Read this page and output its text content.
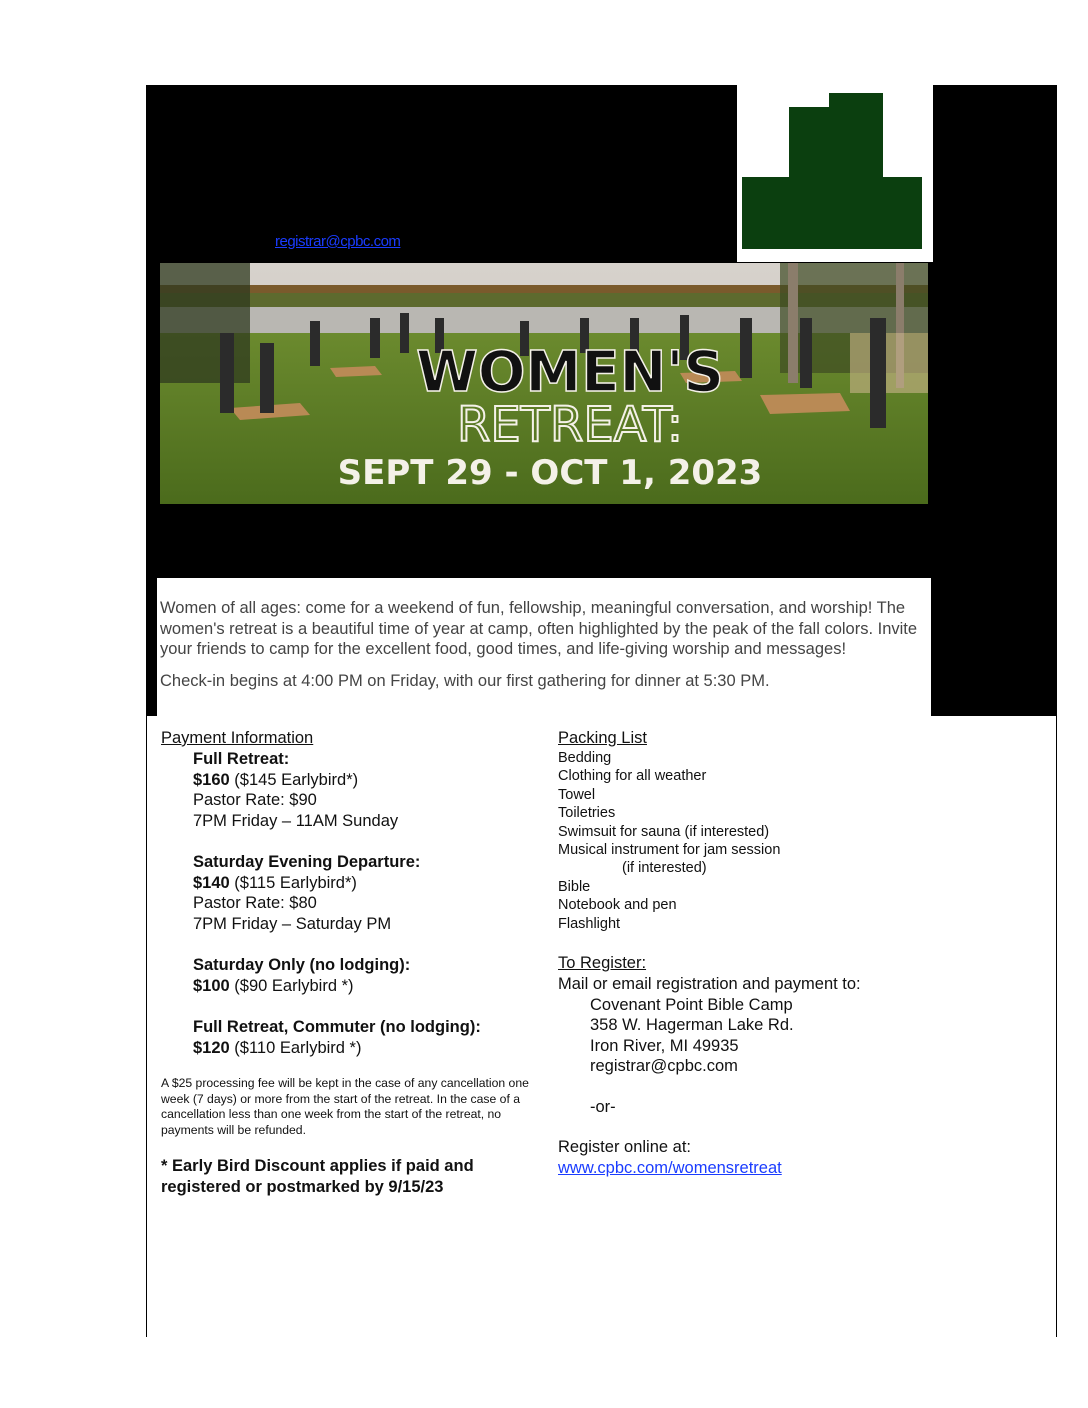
registrar@cpbc.com
WOMEN'S
RETREAT:
SEPT 29 - OCT 1, 2023

Women of all ages: come for a weekend of fun, fellowship, meaningful conversation, and worship! The women's retreat is a beautiful time of year at camp, often highlighted by the peak of the fall colors. Invite your friends to camp for the excellent food, good times, and life-giving worship and messages!

Check-in begins at 4:00 PM on Friday, with our first gathering for dinner at 5:30 PM.

Payment Information
Full Retreat:
$160 ($145 Earlybird*)
Pastor Rate: $90
7PM Friday – 11AM Sunday
Saturday Evening Departure:
$140 ($115 Earlybird*)
Pastor Rate: $80
7PM Friday – Saturday PM
Saturday Only (no lodging):
$100 ($90 Earlybird *)
Full Retreat, Commuter (no lodging):
$120 ($110 Earlybird *)
A $25 processing fee will be kept in the case of any cancellation one week (7 days) or more from the start of the retreat. In the case of a cancellation less than one week from the start of the retreat, no payments will be refunded.
* Early Bird Discount applies if paid and registered or postmarked by 9/15/23
Packing List
Bedding
Clothing for all weather
Towel
Toiletries
Swimsuit for sauna (if interested)
Musical instrument for jam session
(if interested)
Bible
Notebook and pen
Flashlight
To Register:
Mail or email registration and payment to:
Covenant Point Bible Camp
358 W. Hagerman Lake Rd.
Iron River, MI 49935
registrar@cpbc.com
-or-
Register online at:
www.cpbc.com/womensretreat
